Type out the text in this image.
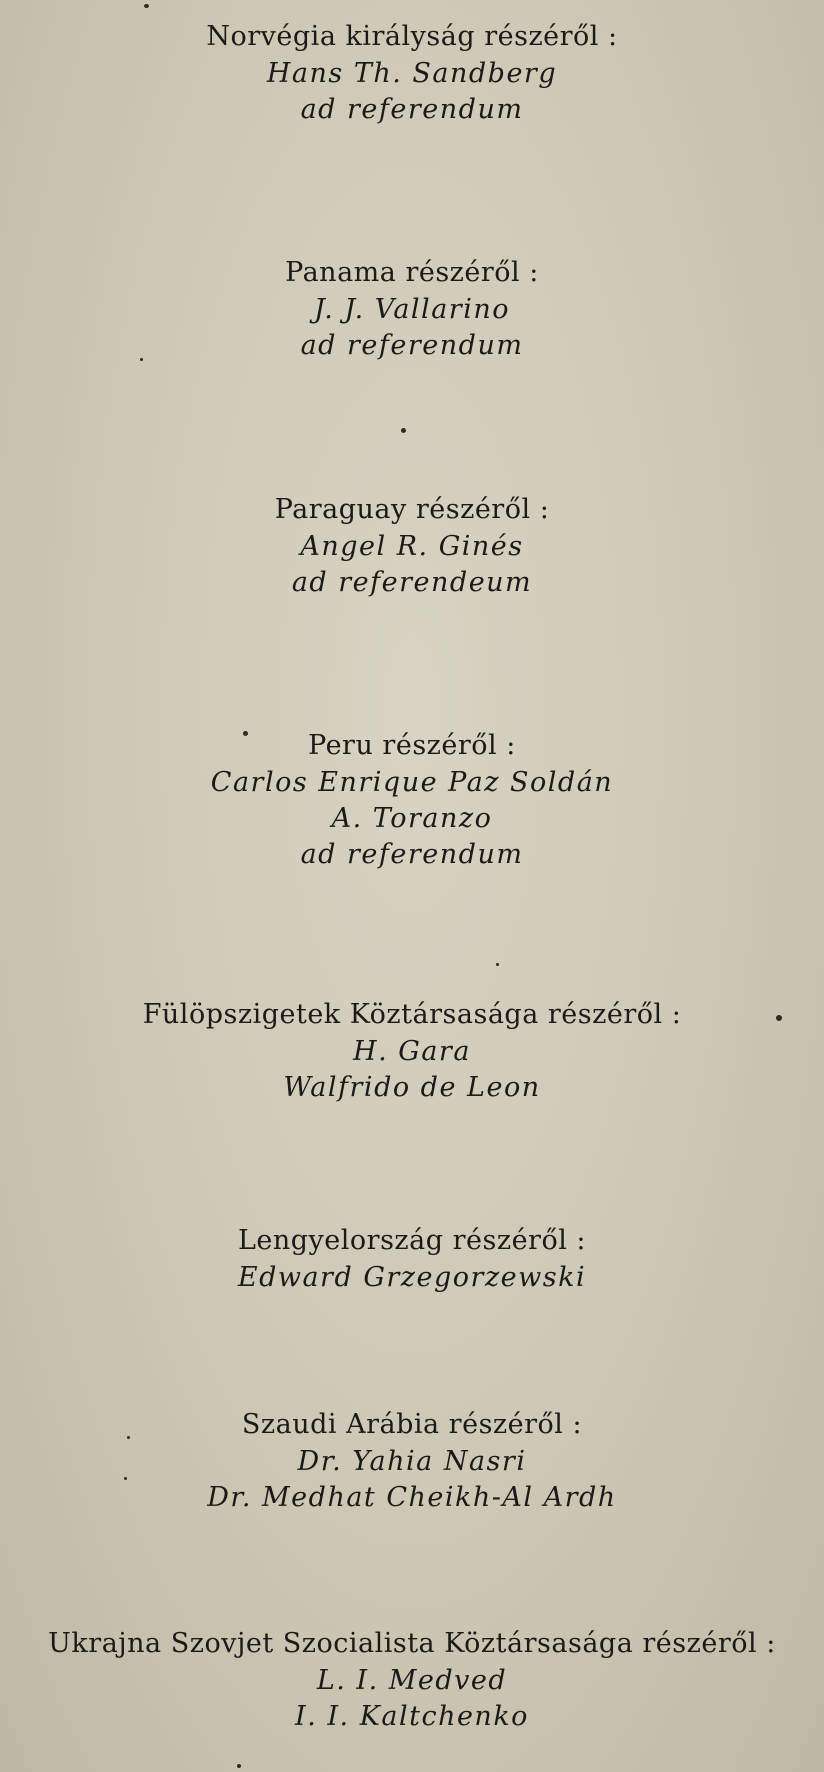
Norvégia királyság részéről :
Hans Th. Sandberg
ad referendum
Panama részéről :
J. J. Vallarino
ad referendum
Paraguay részéről :
Angel R. Ginés
ad referendeum
Peru részéről :
Carlos Enrique Paz Soldán
A. Toranzo
ad referendum
Fülöpszigetek Köztársasága részéről :
H. Gara
Walfrido de Leon
Lengyelország részéről :
Edward Grzegorzewski
Szaudi Arábia részéről :
Dr. Yahia Nasri
Dr. Medhat Cheikh-Al Ardh
Ukrajna Szovjet Szocialista Köztársasága részéről :
L. I. Medved
I. I. Kaltchenko
